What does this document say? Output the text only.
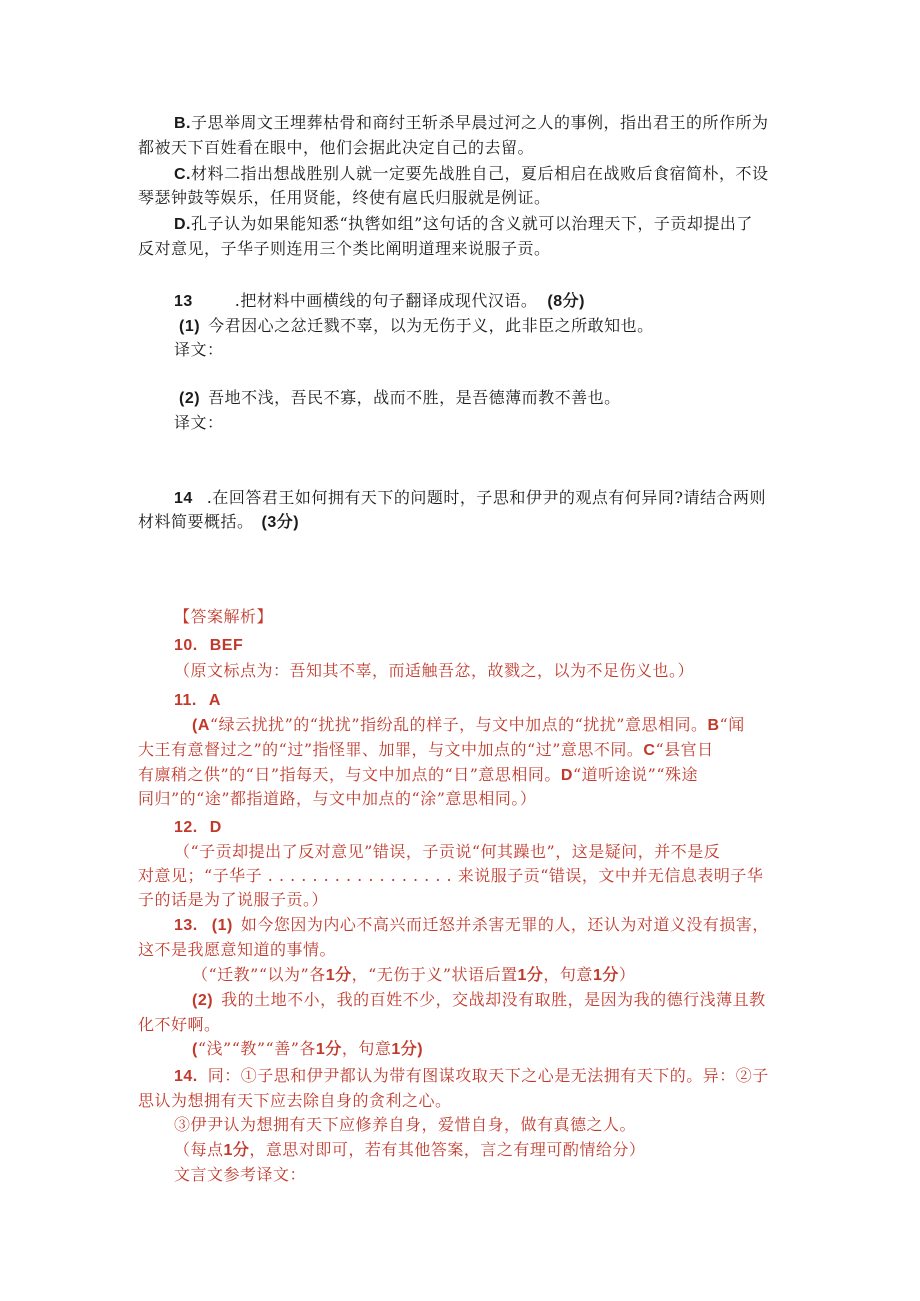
B.子思举周文王埋葬枯骨和商纣王斩杀早晨过河之人的事例，指出君王的所作所为
都被天下百姓看在眼中，他们会据此决定自己的去留。
C.材料二指出想战胜别人就一定要先战胜自己，夏后相启在战败后食宿简朴，不设
琴瑟钟鼓等娱乐，任用贤能，终使有扈氏归服就是例证。
D.孔子认为如果能知悉“执辔如组”这句话的含义就可以治理天下，子贡却提出了
反对意见，子华子则连用三个类比阐明道理来说服子贡。
13	.把材料中画横线的句子翻译成现代汉语。 (8分)
(1) 今君因心之忿迁戮不辜，以为无伤于义，此非臣之所敢知也。
译文：
(2) 吾地不浅，吾民不寡，战而不胜，是吾德薄而教不善也。
译文：
14 .在回答君王如何拥有天下的问题时，子思和伊尹的观点有何异同?请结合两则
材料简要概括。 (3分)
【答案解析】
10. BEF
（原文标点为：吾知其不辜，而适触吾忿，故戮之，以为不足伤义也。）
11. A
(A“绿云扰扰”的“扰扰”指纷乱的样子，与文中加点的“扰扰”意思相同。B“闻
大王有意督过之”的“过”指怪罪、加罪，与文中加点的“过”意思不同。C“县官日
有廪稍之供”的“日”指每天，与文中加点的“日”意思相同。D“道听途说”“殊途
同归”的“途”都指道路，与文中加点的“涂”意思相同。）
12. D
（“子贡却提出了反对意见”错误，子贡说“何其躁也”，这是疑问，并不是反
对意见；“子华子 . . . . . . . . . . . . . . . . . 来说服子贡“错误，文中并无信息表明子华
子的话是为了说服子贡。）
13. (1) 如今您因为内心不高兴而迁怒并杀害无罪的人，还认为对道义没有损害，
这不是我愿意知道的事情。
（“迁教”“以为”各1分，“无伤于义”状语后置1分，句意1分）
(2) 我的土地不小，我的百姓不少，交战却没有取胜，是因为我的德行浅薄且教
化不好啊。
(“浅”“教”“善”各1分，句意1分)
14. 同：①子思和伊尹都认为带有图谋攻取天下之心是无法拥有天下的。异：②子
思认为想拥有天下应去除自身的贪利之心。
③伊尹认为想拥有天下应修养自身，爱惜自身，做有真德之人。
（每点1分，意思对即可，若有其他答案，言之有理可酌情给分）
文言文参考译文：
